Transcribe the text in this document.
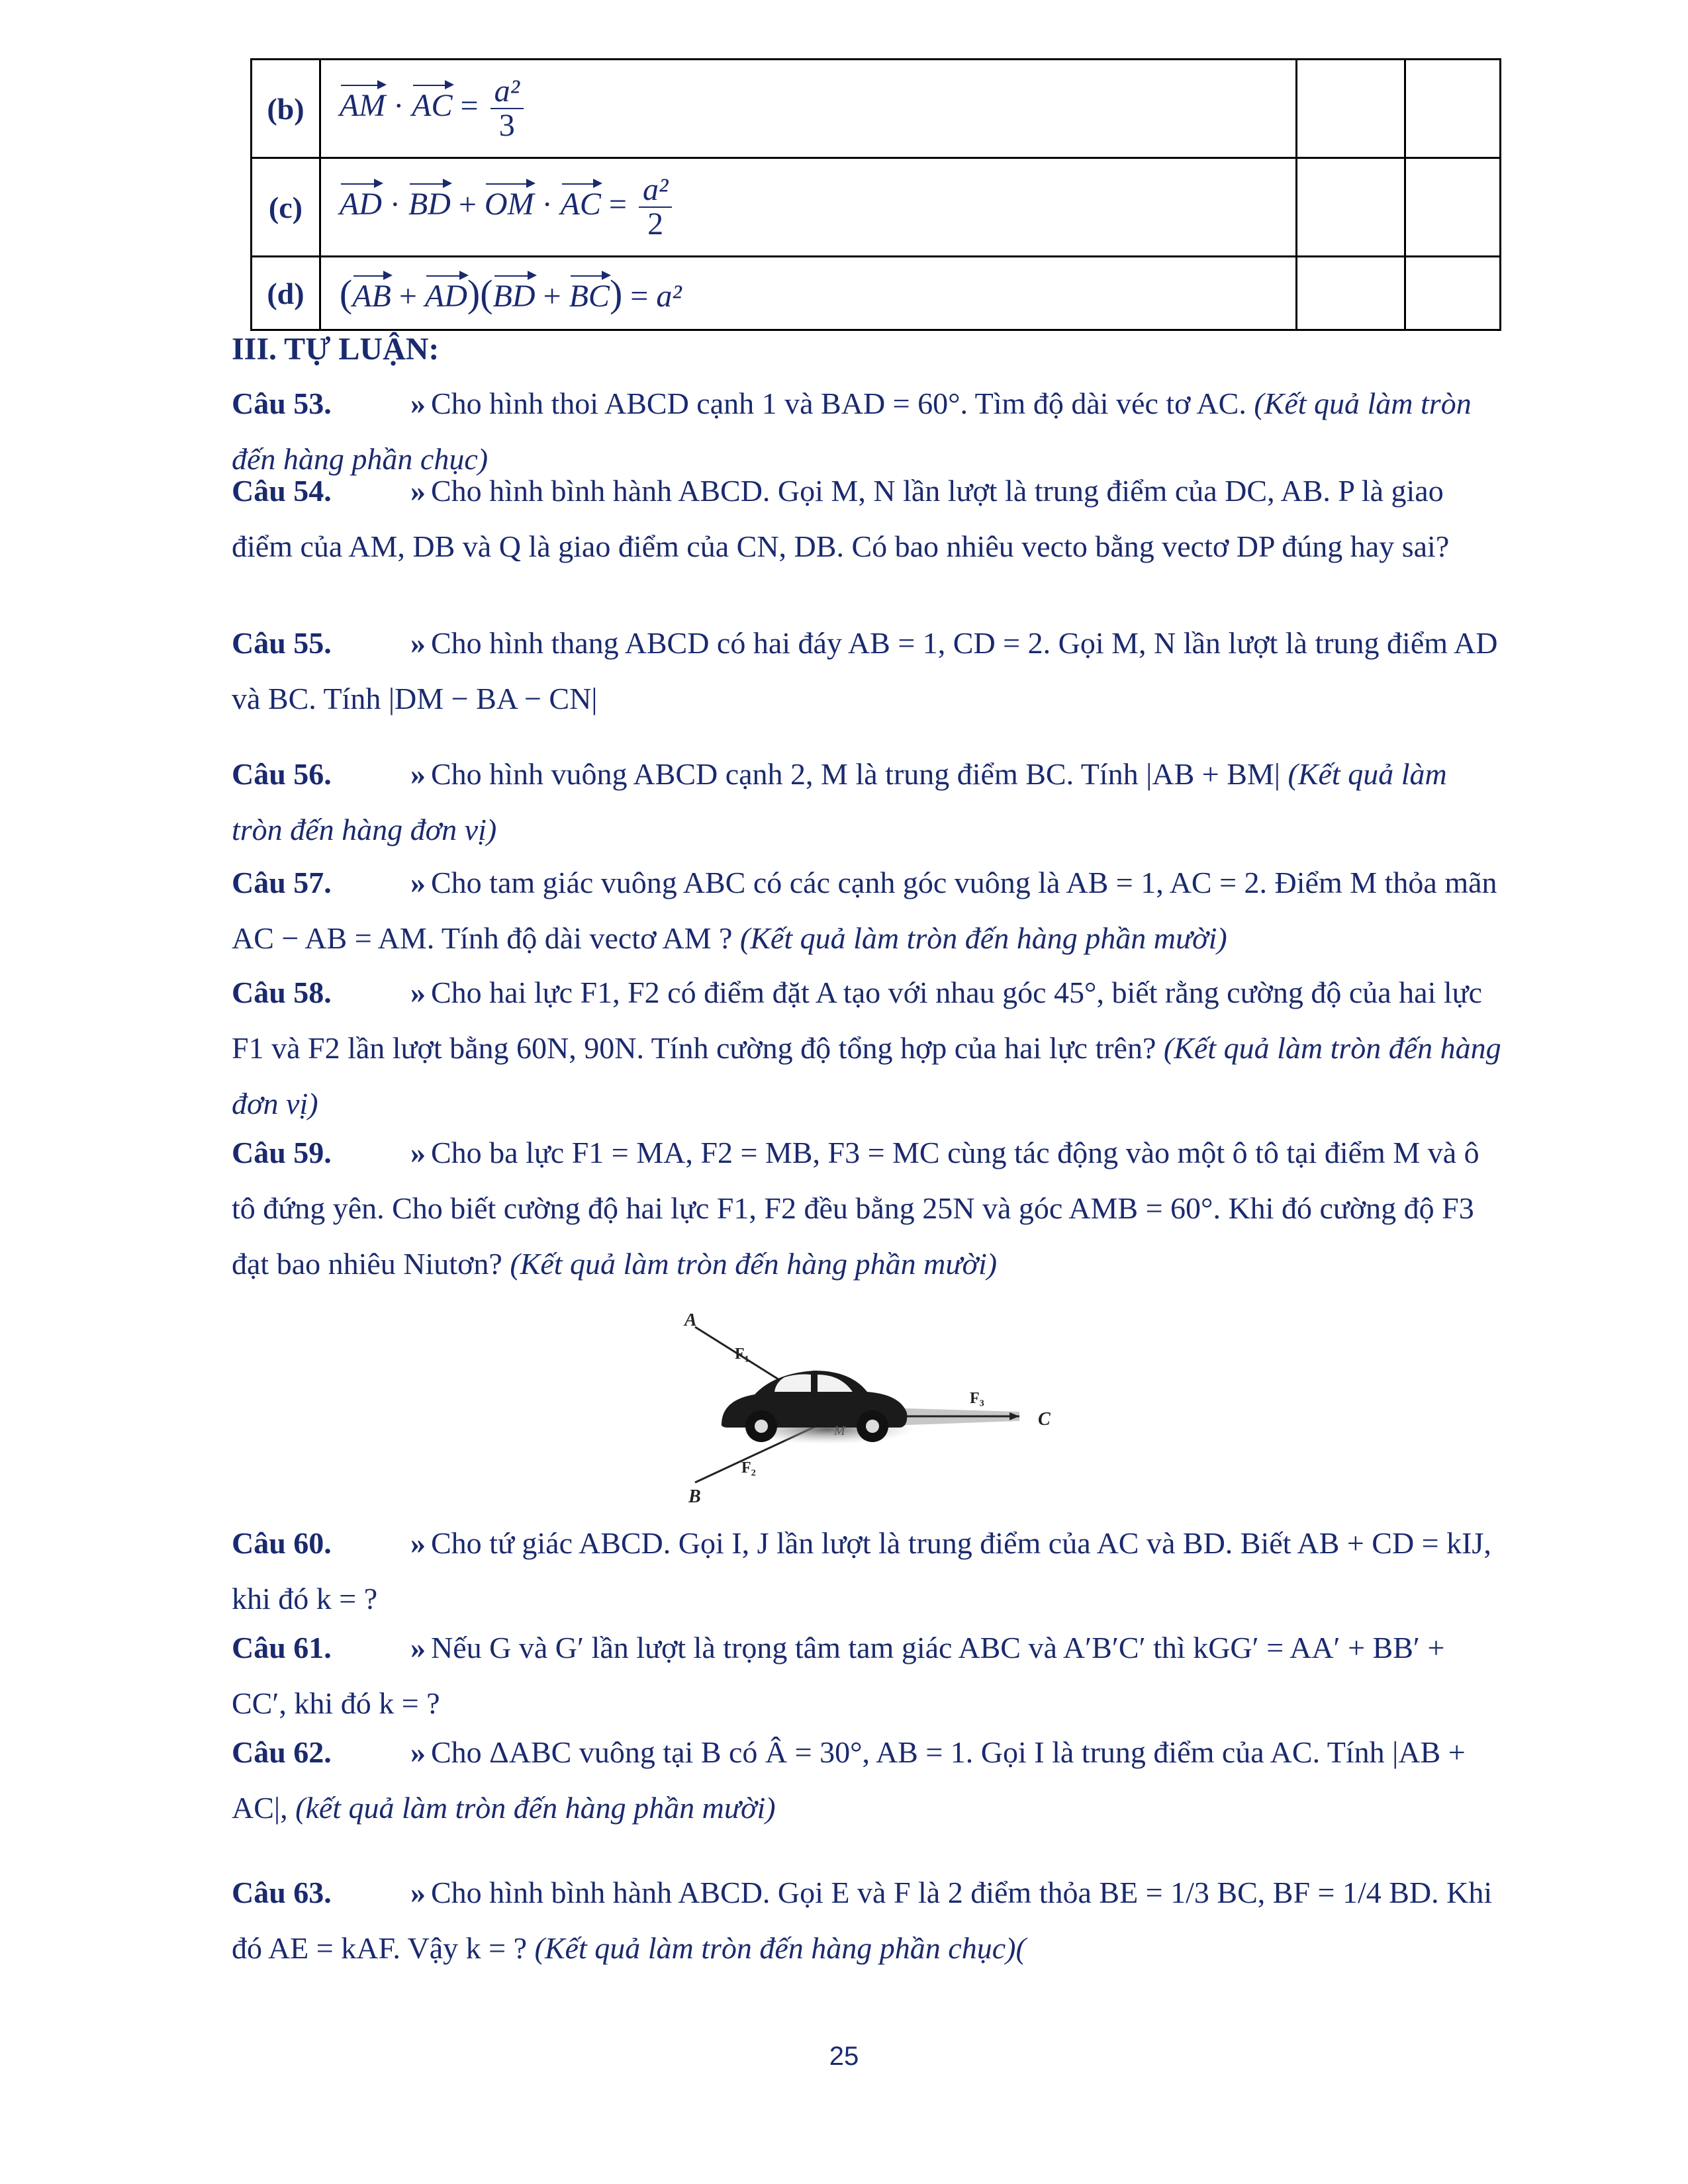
(b)	AM · AC = $\frac{\text{a²}}{3}$

(c)	AD · BD + OM · AC = $\frac{\text{a²}}{2}$

(d)	(AB + AD)(BD + BC) = a²		
III. TỰ LUẬN:
Câu 53.	» Cho hình thoi ABCD cạnh 1 và BAD = 60°. Tìm độ dài véc tơ AC. (Kết quả làm tròn đến hàng phần chục)
Câu 54.	» Cho hình bình hành ABCD. Gọi M, N lần lượt là trung điểm của DC, AB. P là giao điểm của AM, DB và Q là giao điểm của CN, DB. Có bao nhiêu vecto bằng vectơ DP đúng hay sai?
Câu 55.	» Cho hình thang ABCD có hai đáy AB = 1, CD = 2. Gọi M, N lần lượt là trung điểm AD và BC. Tính |DM − BA − CN|
Câu 56.	» Cho hình vuông ABCD cạnh 2, M là trung điểm BC. Tính |AB + BM| (Kết quả làm tròn đến hàng đơn vị)
Câu 57.	» Cho tam giác vuông ABC có các cạnh góc vuông là AB = 1, AC = 2. Điểm M thỏa mãn AC − AB = AM. Tính độ dài vectơ AM ? (Kết quả làm tròn đến hàng phần mười)
Câu 58.	» Cho hai lực F1, F2 có điểm đặt A tạo với nhau góc 45°, biết rằng cường độ của hai lực F1 và F2 lần lượt bằng 60N, 90N. Tính cường độ tổng hợp của hai lực trên? (Kết quả làm tròn đến hàng đơn vị)
Câu 59.	» Cho ba lực F1 = MA, F2 = MB, F3 = MC cùng tác động vào một ô tô tại điểm M và ô tô đứng yên. Cho biết cường độ hai lực F1, F2 đều bằng 25N và góc AMB = 60°. Khi đó cường độ F3 đạt bao nhiêu Niutơn? (Kết quả làm tròn đến hàng phần mười)
A
F₁
F₃
C
M
F₂
B
Câu 60.	» Cho tứ giác ABCD. Gọi I, J lần lượt là trung điểm của AC và BD. Biết AB + CD = kIJ, khi đó k = ?
Câu 61.	» Nếu G và G′ lần lượt là trọng tâm tam giác ABC và A′B′C′ thì kGG′ = AA′ + BB′ + CC′, khi đó k = ?
Câu 62.	» Cho ΔABC vuông tại B có Â = 30°, AB = 1. Gọi I là trung điểm của AC. Tính |AB + AC|, (kết quả làm tròn đến hàng phần mười)
Câu 63.	» Cho hình bình hành ABCD. Gọi E và F là 2 điểm thỏa BE = 1/3 BC, BF = 1/4 BD. Khi đó AE = kAF. Vậy k = ? (Kết quả làm tròn đến hàng phần chục)(
25
